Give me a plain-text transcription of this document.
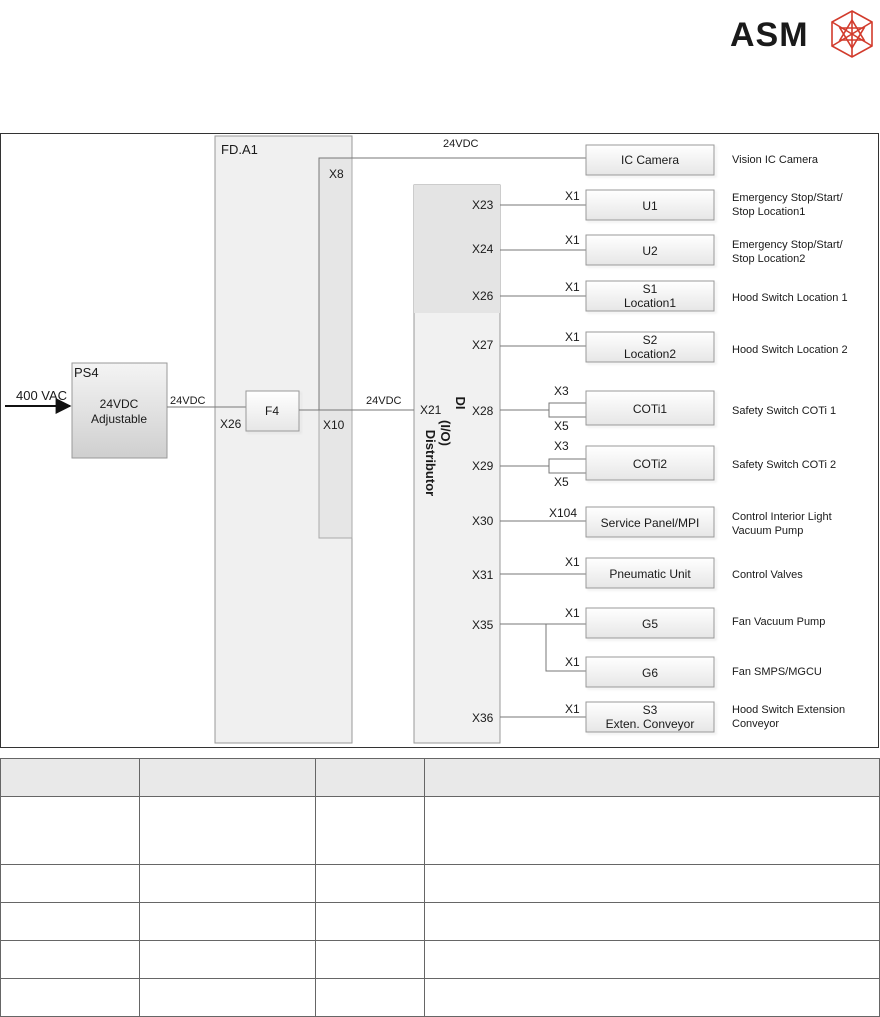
ASM
FD.A1
X8
DI
(I/O)
Distributor
X21
PS4
24VDC
Adjustable
400 VAC	24VDC
X26
F4
X10
24VDC
24VDC
IC Camera	Vision IC Camera
X23
X1
U1
Emergency Stop/Start/
Stop Location1
X24
X1
U2	Emergency Stop/Start/
Stop Location2
X26
X1	S1
Location1	Hood Switch Location 1
X27
X1	S2
Location2	Hood Switch Location 2
X28
X3
X5
COTi1	Safety Switch COTi 1
X29
X3
X5
COTi2	Safety Switch COTi 2
X30
X104
Service Panel/MPI	Control Interior Light
Vacuum Pump
X31
X1
Pneumatic Unit	Control Valves
X35
X1
G5	Fan Vacuum Pump
X1
G6	Fan SMPS/MGCU
X36
X1	S3
Exten. Conveyor
Hood Switch Extension
Conveyor
